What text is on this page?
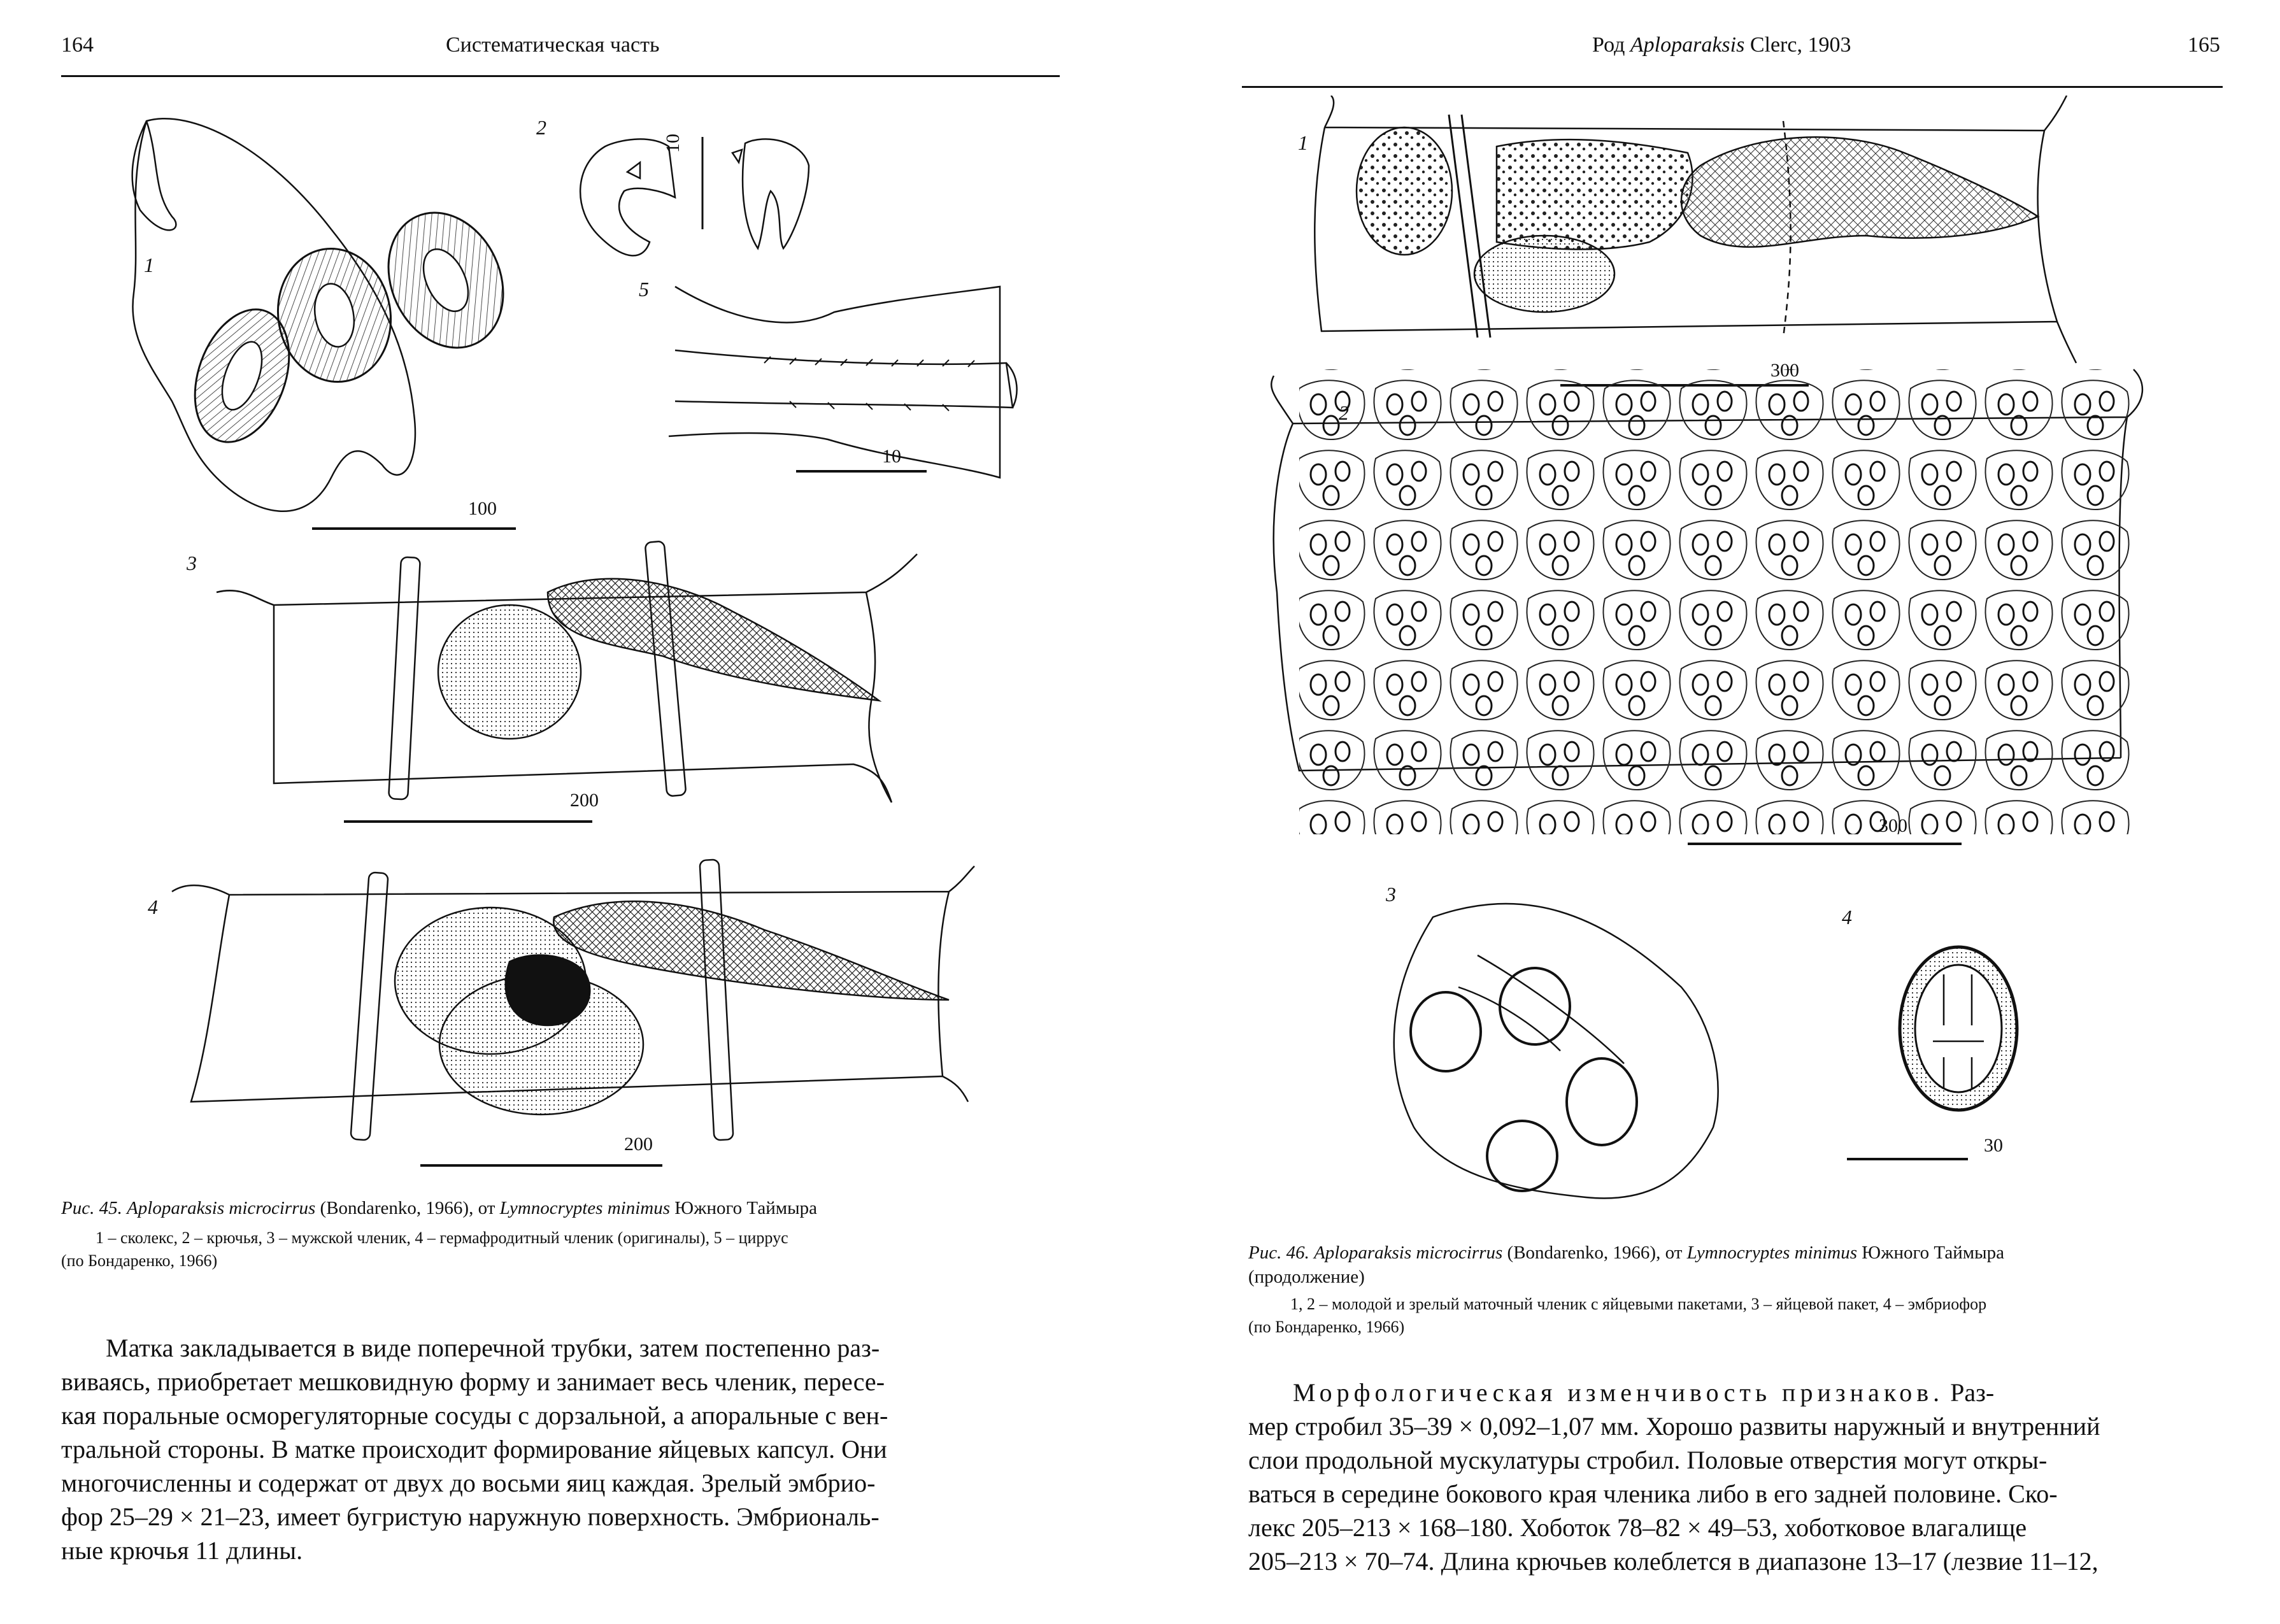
164	Систематическая часть
1
2
3
4
5
10
100
10
200
200
Рис. 45. Aploparaksis microcirrus (Bondarenko, 1966), от Lymnocryptes minimus Южного Таймыра
1 – сколекс, 2 – крючья, 3 – мужской членик, 4 – гермафродитный членик (оригиналы), 5 – циррус
(по Бондаренко, 1966)
Матка закладывается в виде поперечной трубки, затем постепенно раз-
виваясь, приобретает мешковидную форму и занимает весь членик, пересе-
кая поральные осморегуляторные сосуды с дорзальной, а апоральные с вен-
тральной стороны. В матке происходит формирование яйцевых капсул. Они
многочисленны и содержат от двух до восьми яиц каждая. Зрелый эмбрио-
фор 25–29 × 21–23, имеет бугристую наружную поверхность. Эмбриональ-
ные крючья 11 длины.
Род Aploparaksis Clerc, 1903	165
1
2
3
4
300
300
30
Рис. 46. Aploparaksis microcirrus (Bondarenko, 1966), от Lymnocryptes minimus Южного Таймыра
(продолжение)
1, 2 – молодой и зрелый маточный членик с яйцевыми пакетами, 3 – яйцевой пакет, 4 – эмбриофор
(по Бондаренко, 1966)
Морфологическая изменчивость признаков. Раз-
мер стробил 35–39 × 0,092–1,07 мм. Хорошо развиты наружный и внутренний
слои продольной мускулатуры стробил. Половые отверстия могут откры-
ваться в середине бокового края членика либо в его задней половине. Ско-
лекс 205–213 × 168–180. Хоботок 78–82 × 49–53, хоботковое влагалище
205–213 × 70–74. Длина крючьев колеблется в диапазоне 13–17 (лезвие 11–12,
